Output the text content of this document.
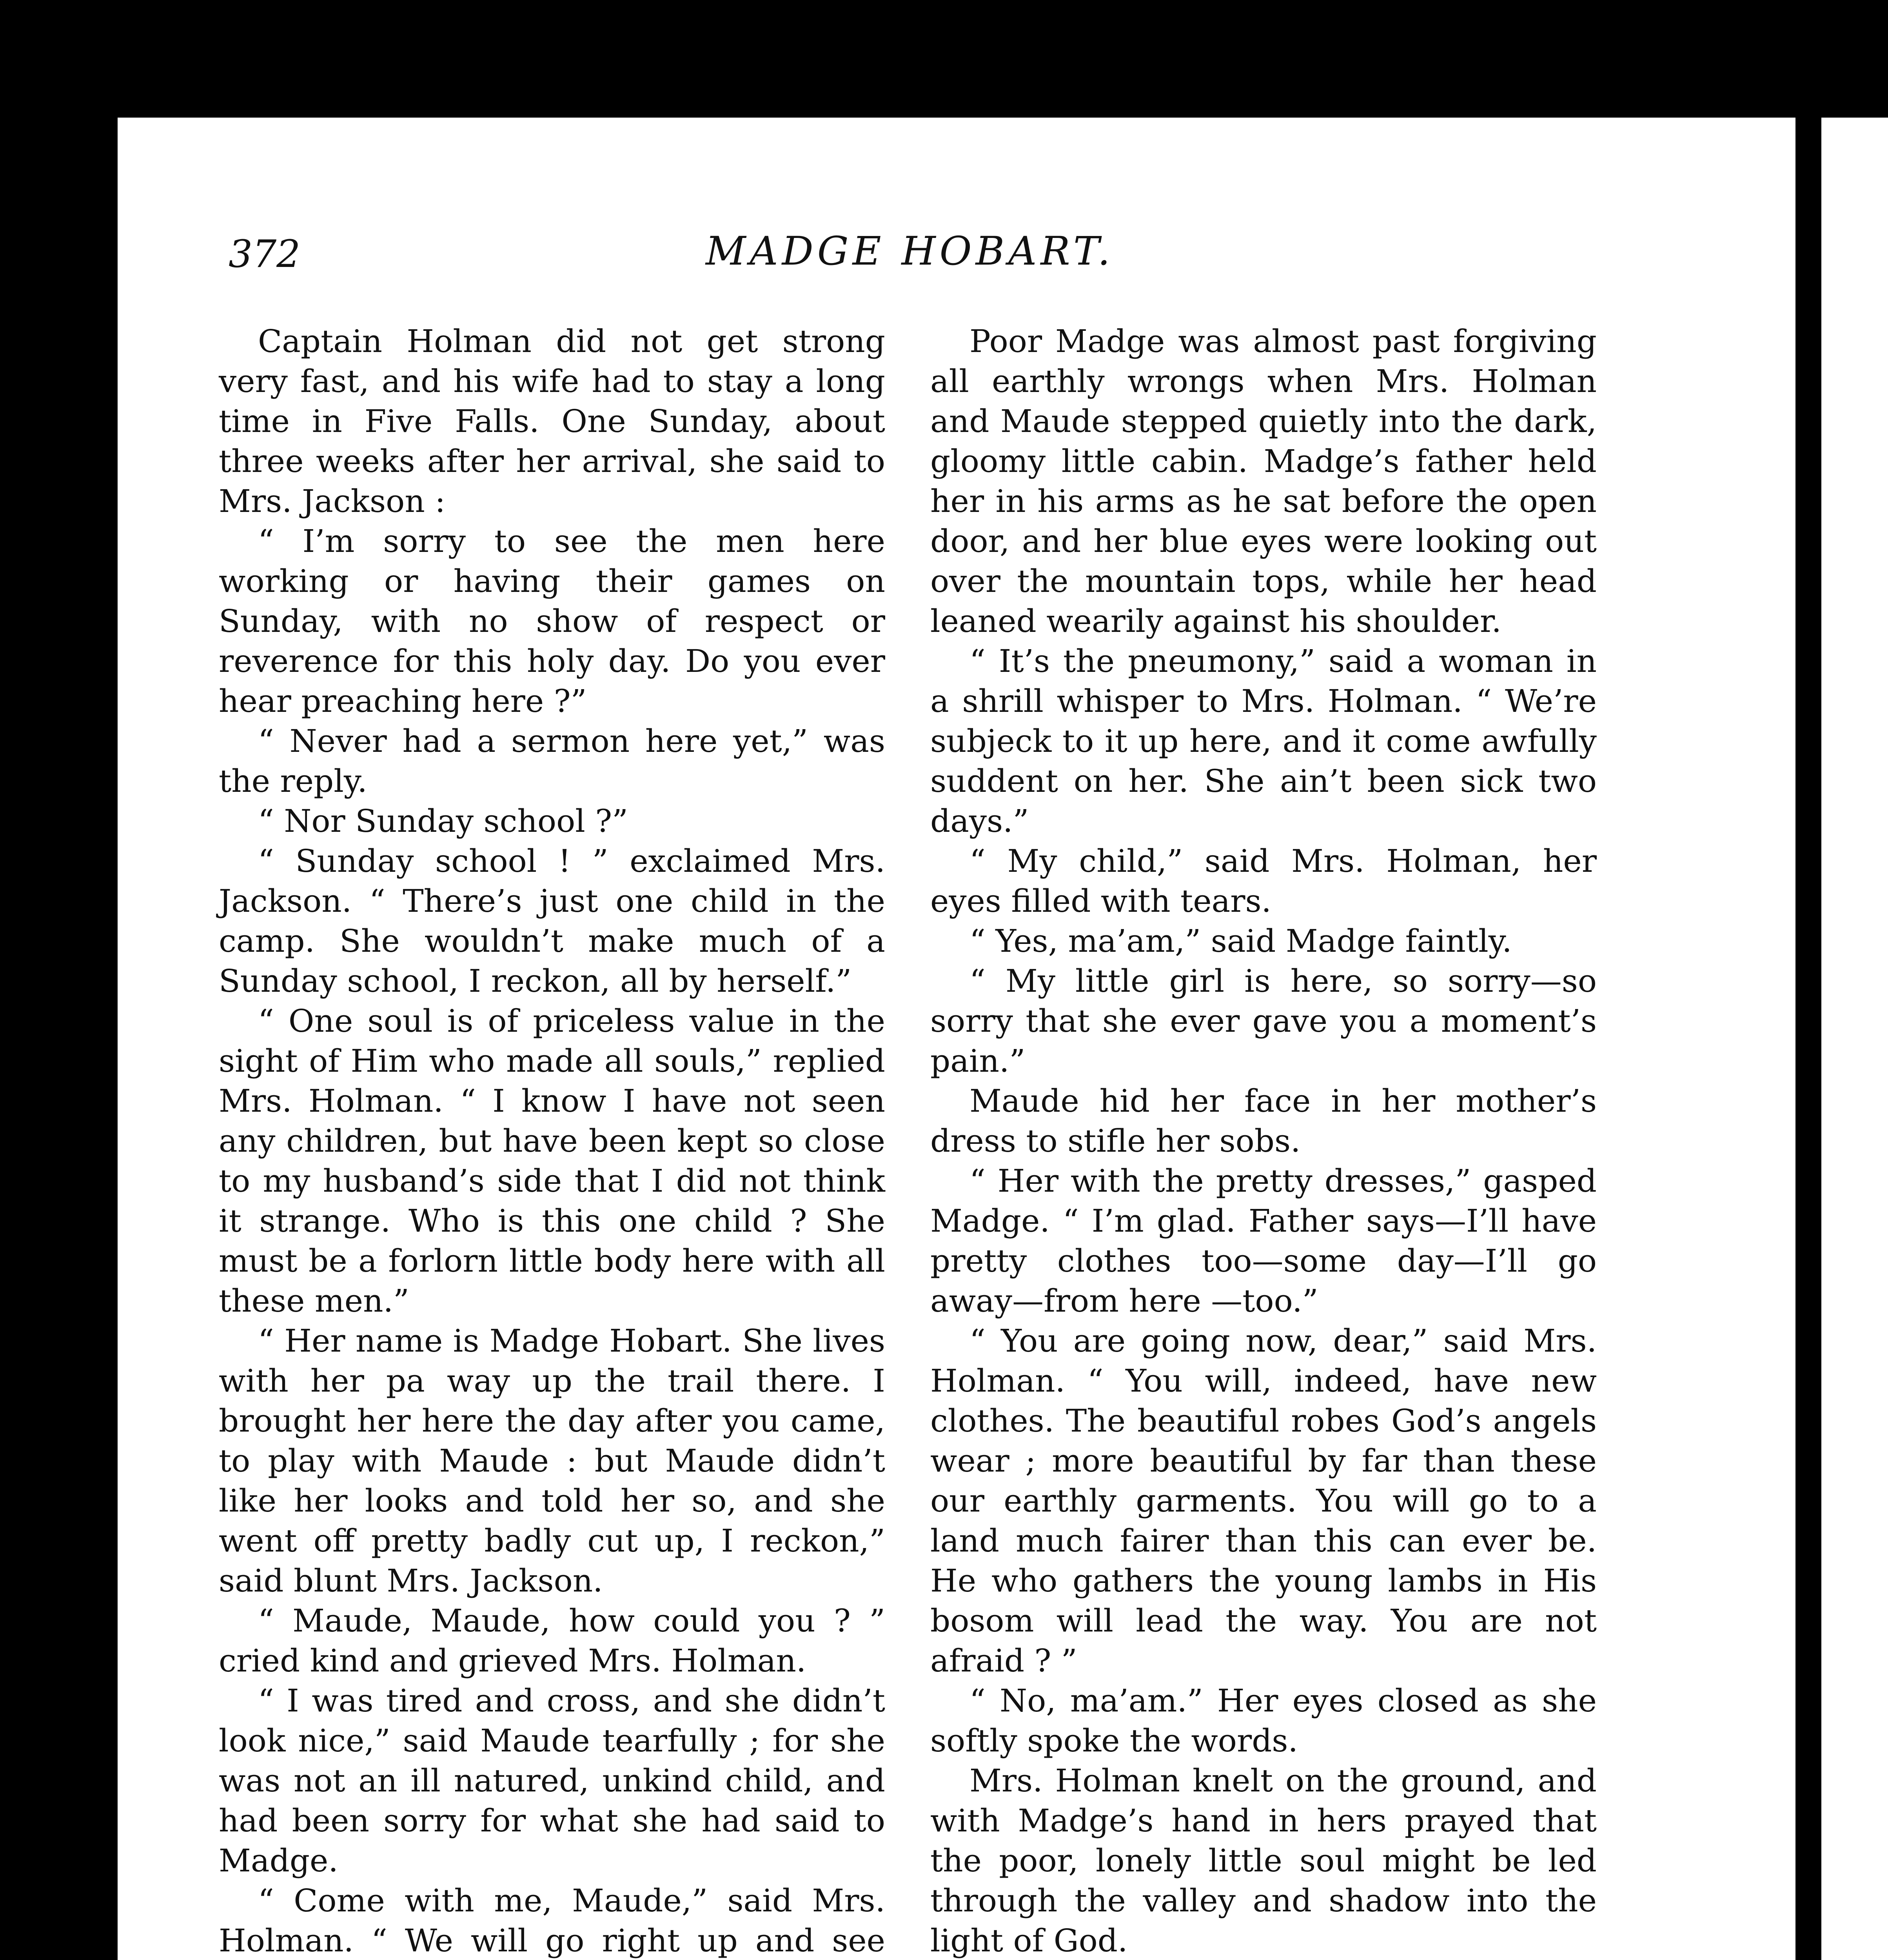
372	MADGE HOBART.

Captain Holman did not get strong very fast, and his wife had to stay a long time in Five Falls. One Sunday, about three weeks after her arrival, she said to Mrs. Jackson :

“ I’m sorry to see the men here working or having their games on Sunday, with no show of respect or reverence for this holy day. Do you ever hear preaching here ?”

“ Never had a sermon here yet,” was the reply.

“ Nor Sunday school ?”

“ Sunday school ! ” exclaimed Mrs. Jackson. “ There’s just one child in the camp. She wouldn’t make much of a Sunday school, I reckon, all by herself.”

“ One soul is of priceless value in the sight of Him who made all souls,” replied Mrs. Holman. “ I know I have not seen any children, but have been kept so close to my husband’s side that I did not think it strange. Who is this one child ? She must be a forlorn little body here with all these men.”

“ Her name is Madge Hobart. She lives with her pa way up the trail there. I brought her here the day after you came, to play with Maude : but Maude didn’t like her looks and told her so, and she went off pretty badly cut up, I reckon,” said blunt Mrs. Jackson.

“ Maude, Maude, how could you ? ” cried kind and grieved Mrs. Holman.

“ I was tired and cross, and she didn’t look nice,” said Maude tearfully ; for she was not an ill natured, unkind child, and had been sorry for what she had said to Madge.

“ Come with me, Maude,” said Mrs. Holman. “ We will go right up and see

Poor Madge was almost past forgiving all earthly wrongs when Mrs. Holman and Maude stepped quietly into the dark, gloomy little cabin. Madge’s father held her in his arms as he sat before the open door, and her blue eyes were looking out over the mountain tops, while her head leaned wearily against his shoulder.

“ It’s the pneumony,” said a woman in a shrill whisper to Mrs. Holman. “ We’re subjeck to it up here, and it come awfully suddent on her. She ain’t been sick two days.”

“ My child,” said Mrs. Holman, her eyes filled with tears.

“ Yes, ma’am,” said Madge faintly.

“ My little girl is here, so sorry—so sorry that she ever gave you a moment’s pain.”

Maude hid her face in her mother’s dress to stifle her sobs.

“ Her with the pretty dresses,” gasped Madge. “ I’m glad. Father says—I’ll have pretty clothes too—some day—I’ll go away—from here —too.”

“ You are going now, dear,” said Mrs. Holman. “ You will, indeed, have new clothes. The beautiful robes God’s angels wear ; more beautiful by far than these our earthly garments. You will go to a land much fairer than this can ever be. He who gathers the young lambs in His bosom will lead the way. You are not afraid ? ”

“ No, ma’am.” Her eyes closed as she softly spoke the words.

Mrs. Holman knelt on the ground, and with Madge’s hand in hers prayed that the poor, lonely little soul might be led through the valley and shadow into the light of God.
